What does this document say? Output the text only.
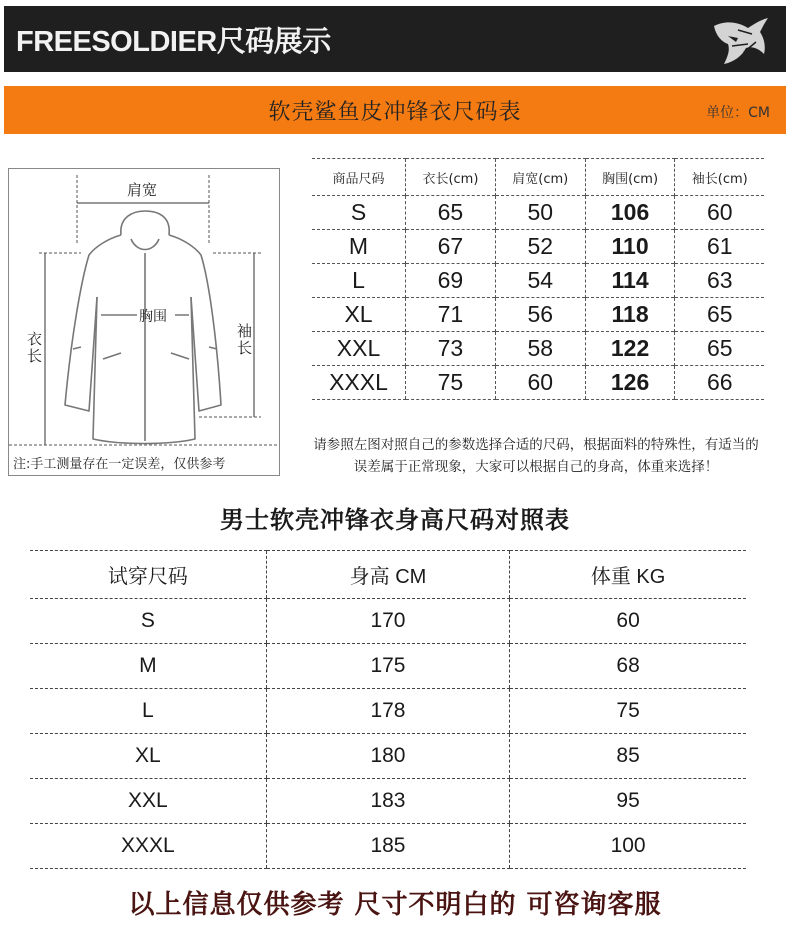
FREESOLDIER尺码展示
软壳鲨鱼皮冲锋衣尺码表	单位：CM
肩宽
胸围
衣长
袖长
注:手工测量存在一定误差，仅供参考
商品尺码	衣长(cm)	肩宽(cm)	胸围(cm)	袖长(cm)
S	65	50	106	60
M	67	52	110	61
L	69	54	114	63
XL	71	56	118	65
XXL	73	58	122	65
XXXL	75	60	126	66
请参照左图对照自己的参数选择合适的尺码，根据面料的特殊性，有适当的
误差属于正常现象，大家可以根据自己的身高，体重来选择！
男士软壳冲锋衣身高尺码对照表
试穿尺码	身高 CM	体重 KG
S	170	60
M	175	68
L	178	75
XL	180	85
XXL	183	95
XXXL	185	100
以上信息仅供参考 尺寸不明白的 可咨询客服
